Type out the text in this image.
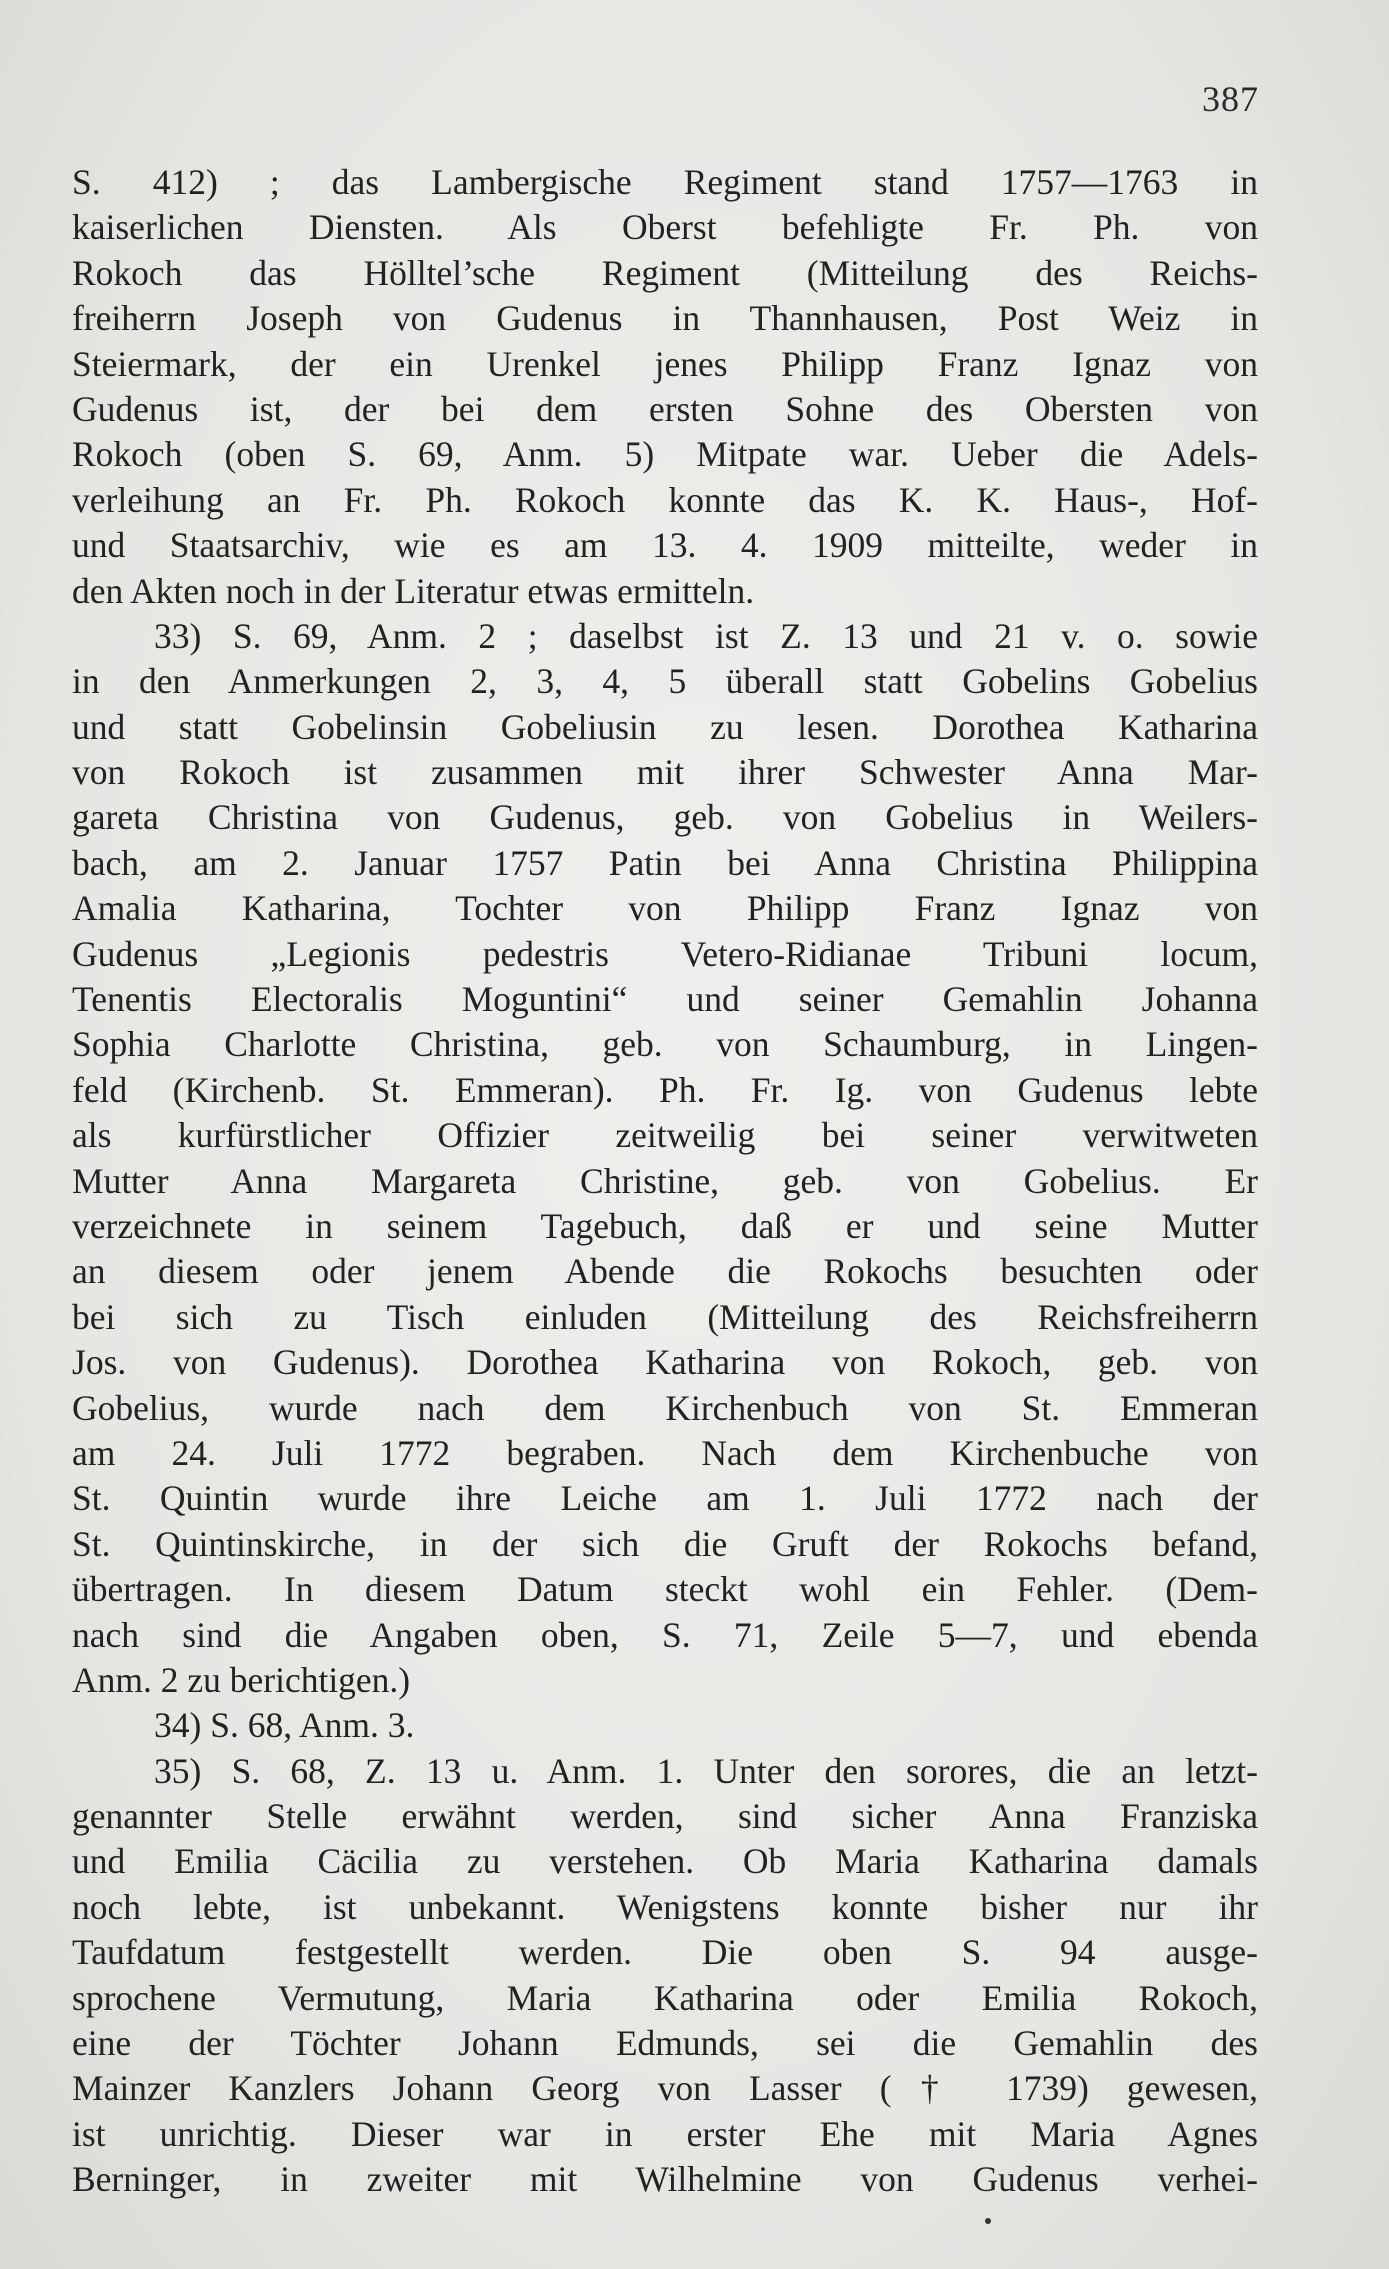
387
S. 412) ; das Lambergische Regiment stand 1757—1763 in
kaiserlichen Diensten. Als Oberst befehligte Fr. Ph. von
Rokoch das Hölltel’sche Regiment (Mitteilung des Reichs-
freiherrn Joseph von Gudenus in Thannhausen, Post Weiz in
Steiermark, der ein Urenkel jenes Philipp Franz Ignaz von
Gudenus ist, der bei dem ersten Sohne des Obersten von
Rokoch (oben S. 69, Anm. 5) Mitpate war. Ueber die Adels-
verleihung an Fr. Ph. Rokoch konnte das K. K. Haus-, Hof-
und Staatsarchiv, wie es am 13. 4. 1909 mitteilte, weder in
den Akten noch in der Literatur etwas ermitteln.
33) S. 69, Anm. 2 ; daselbst ist Z. 13 und 21 v. o. sowie
in den Anmerkungen 2, 3, 4, 5 überall statt Gobelins Gobelius
und statt Gobelinsin Gobeliusin zu lesen. Dorothea Katharina
von Rokoch ist zusammen mit ihrer Schwester Anna Mar-
gareta Christina von Gudenus, geb. von Gobelius in Weilers-
bach, am 2. Januar 1757 Patin bei Anna Christina Philippina
Amalia Katharina, Tochter von Philipp Franz Ignaz von
Gudenus „Legionis pedestris Vetero-Ridianae Tribuni locum,
Tenentis Electoralis Moguntini“ und seiner Gemahlin Johanna
Sophia Charlotte Christina, geb. von Schaumburg, in Lingen-
feld (Kirchenb. St. Emmeran). Ph. Fr. Ig. von Gudenus lebte
als kurfürstlicher Offizier zeitweilig bei seiner verwitweten
Mutter Anna Margareta Christine, geb. von Gobelius. Er
verzeichnete in seinem Tagebuch, daß er und seine Mutter
an diesem oder jenem Abende die Rokochs besuchten oder
bei sich zu Tisch einluden (Mitteilung des Reichsfreiherrn
Jos. von Gudenus). Dorothea Katharina von Rokoch, geb. von
Gobelius, wurde nach dem Kirchenbuch von St. Emmeran
am 24. Juli 1772 begraben. Nach dem Kirchenbuche von
St. Quintin wurde ihre Leiche am 1. Juli 1772 nach der
St. Quintinskirche, in der sich die Gruft der Rokochs befand,
übertragen. In diesem Datum steckt wohl ein Fehler. (Dem-
nach sind die Angaben oben, S. 71, Zeile 5—7, und ebenda
Anm. 2 zu berichtigen.)
34) S. 68, Anm. 3.
35) S. 68, Z. 13 u. Anm. 1. Unter den sorores, die an letzt-
genannter Stelle erwähnt werden, sind sicher Anna Franziska
und Emilia Cäcilia zu verstehen. Ob Maria Katharina damals
noch lebte, ist unbekannt. Wenigstens konnte bisher nur ihr
Taufdatum festgestellt werden. Die oben S. 94 ausge-
sprochene Vermutung, Maria Katharina oder Emilia Rokoch,
eine der Töchter Johann Edmunds, sei die Gemahlin des
Mainzer Kanzlers Johann Georg von Lasser († 1739) gewesen,
ist unrichtig. Dieser war in erster Ehe mit Maria Agnes
Berninger, in zweiter mit Wilhelmine von Gudenus verhei-
